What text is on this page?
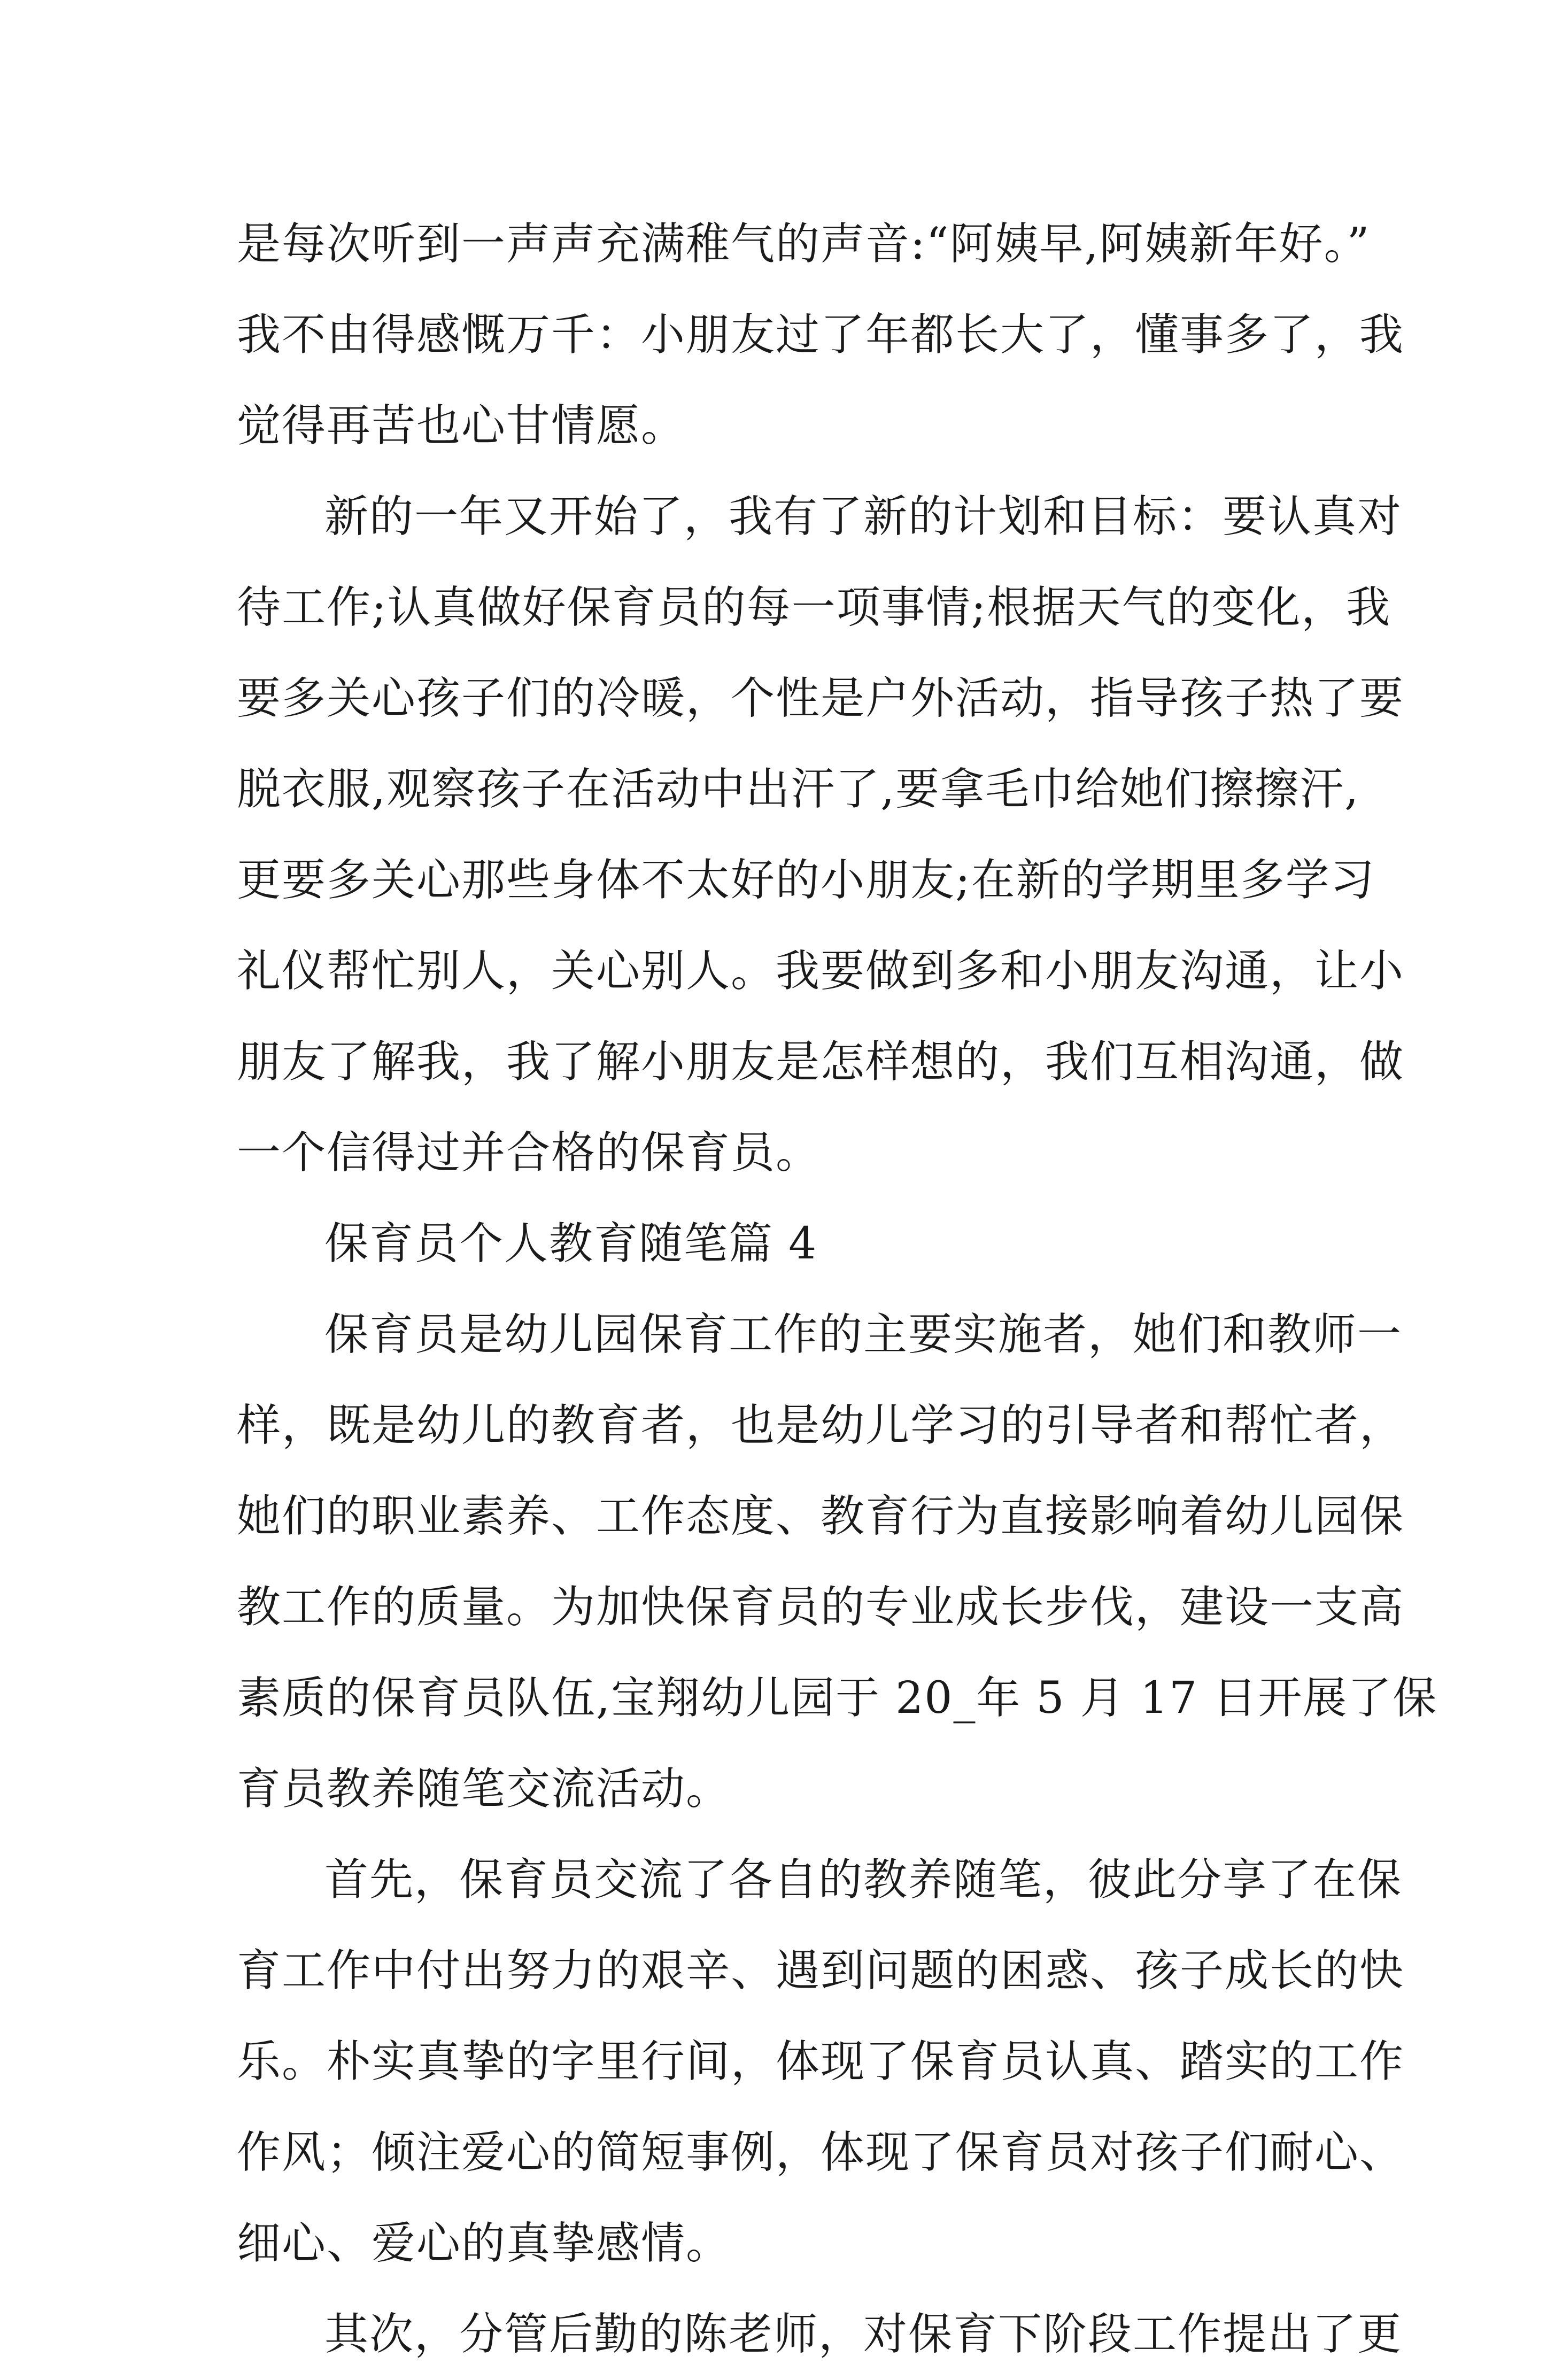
是每次听到一声声充满稚气的声音:“阿姨早,阿姨新年好。”
我不由得感慨万千：小朋友过了年都长大了，懂事多了，我
觉得再苦也心甘情愿。
新的一年又开始了，我有了新的计划和目标：要认真对
待工作;认真做好保育员的每一项事情;根据天气的变化，我
要多关心孩子们的冷暖，个性是户外活动，指导孩子热了要
脱衣服,观察孩子在活动中出汗了,要拿毛巾给她们擦擦汗,
更要多关心那些身体不太好的小朋友;在新的学期里多学习
礼仪帮忙别人，关心别人。我要做到多和小朋友沟通，让小
朋友了解我，我了解小朋友是怎样想的，我们互相沟通，做
一个信得过并合格的保育员。
保育员个人教育随笔篇 4
保育员是幼儿园保育工作的主要实施者，她们和教师一
样，既是幼儿的教育者，也是幼儿学习的引导者和帮忙者，
她们的职业素养、工作态度、教育行为直接影响着幼儿园保
教工作的质量。为加快保育员的专业成长步伐，建设一支高
素质的保育员队伍,宝翔幼儿园于 20_年 5 月 17 日开展了保
育员教养随笔交流活动。
首先，保育员交流了各自的教养随笔，彼此分享了在保
育工作中付出努力的艰辛、遇到问题的困惑、孩子成长的快
乐。朴实真挚的字里行间，体现了保育员认真、踏实的工作
作风；倾注爱心的简短事例，体现了保育员对孩子们耐心、
细心、爱心的真挚感情。
其次，分管后勤的陈老师，对保育下阶段工作提出了更
